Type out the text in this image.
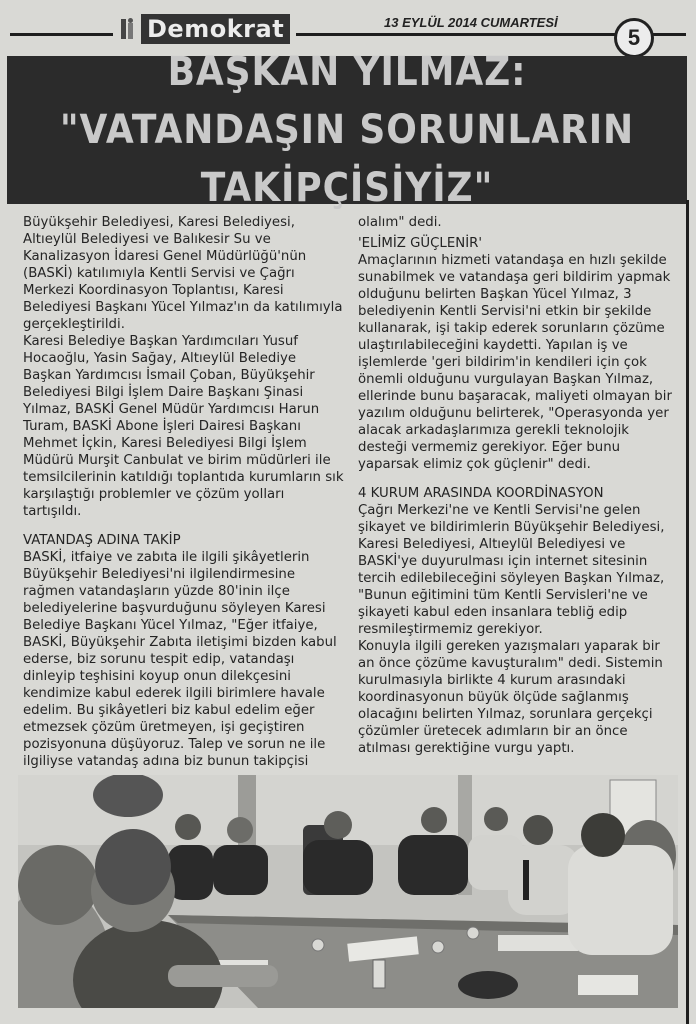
Demokrat	13 EYLÜL 2014 CUMARTESİ
5
BAŞKAN YILMAZ: "VATANDAŞIN SORUNLARIN TAKİPÇİSİYİZ"

Büyükşehir Belediyesi, Karesi Belediyesi, Altıeylül Belediyesi ve Balıkesir Su ve Kanalizasyon İdaresi Genel Müdürlüğü'nün (BASKİ) katılımıyla Kentli Servisi ve Çağrı Merkezi Koordinasyon Toplantısı, Karesi Belediyesi Başkanı Yücel Yılmaz'ın da katılımıyla gerçekleştirildi.

Karesi Belediye Başkan Yardımcıları Yusuf Hocaoğlu, Yasin Sağay, Altıeylül Belediye Başkan Yardımcısı İsmail Çoban, Büyükşehir Belediyesi Bilgi İşlem Daire Başkanı Şinasi Yılmaz, BASKİ Genel Müdür Yardımcısı Harun Turam, BASKİ Abone İşleri Dairesi Başkanı Mehmet İçkin, Karesi Belediyesi Bilgi İşlem Müdürü Murşit Canbulat ve birim müdürleri ile temsilcilerinin katıldığı toplantıda kurumların sık karşılaştığı problemler ve çözüm yolları tartışıldı.

VATANDAŞ ADINA TAKİP

BASKİ, itfaiye ve zabıta ile ilgili şikâyetlerin Büyükşehir Belediyesi'ni ilgilendirmesine rağmen vatandaşların yüzde 80'inin ilçe belediyelerine başvurduğunu söyleyen Karesi Belediye Başkanı Yücel Yılmaz, "Eğer itfaiye, BASKİ, Büyükşehir Zabıta iletişimi bizden kabul ederse, biz sorunu tespit edip, vatandaşı dinleyip teşhisini koyup onun dilekçesini kendimize kabul ederek ilgili birimlere havale edelim. Bu şikâyetleri biz kabul edelim eğer etmezsek çözüm üretmeyen, işi geçiştiren pozisyonuna düşüyoruz. Talep ve sorun ne ile ilgiliyse vatandaş adına biz bunun takipçisi

olalım" dedi.

'ELİMİZ GÜÇLENİR'

Amaçlarının hizmeti vatandaşa en hızlı şekilde sunabilmek ve vatandaşa geri bildirim yapmak olduğunu belirten Başkan Yücel Yılmaz, 3 belediyenin Kentli Servisi'ni etkin bir şekilde kullanarak, işi takip ederek sorunların çözüme ulaştırılabileceğini kaydetti. Yapılan iş ve işlemlerde 'geri bildirim'in kendileri için çok önemli olduğunu vurgulayan Başkan Yılmaz, ellerinde bunu başaracak, maliyeti olmayan bir yazılım olduğunu belirterek, "Operasyonda yer alacak arkadaşlarımıza gerekli teknolojik desteği vermemiz gerekiyor. Eğer bunu yaparsak elimiz çok güçlenir" dedi.

4 KURUM ARASINDA KOORDİNASYON

Çağrı Merkezi'ne ve Kentli Servisi'ne gelen şikayet ve bildirimlerin Büyükşehir Belediyesi, Karesi Belediyesi, Altıeylül Belediyesi ve BASKİ'ye duyurulması için internet sitesinin tercih edilebileceğini söyleyen Başkan Yılmaz, "Bunun eğitimini tüm Kentli Servisleri'ne ve şikayeti kabul eden insanlara tebliğ edip resmileştirmemiz gerekiyor.

Konuyla ilgili gereken yazışmaları yaparak bir an önce çözüme kavuşturalım" dedi. Sistemin kurulmasıyla birlikte 4 kurum arasındaki koordinasyonun büyük ölçüde sağlanmış olacağını belirten Yılmaz, sorunlara gerçekçi çözümler üretecek adımların bir an önce atılması gerektiğine vurgu yaptı.
